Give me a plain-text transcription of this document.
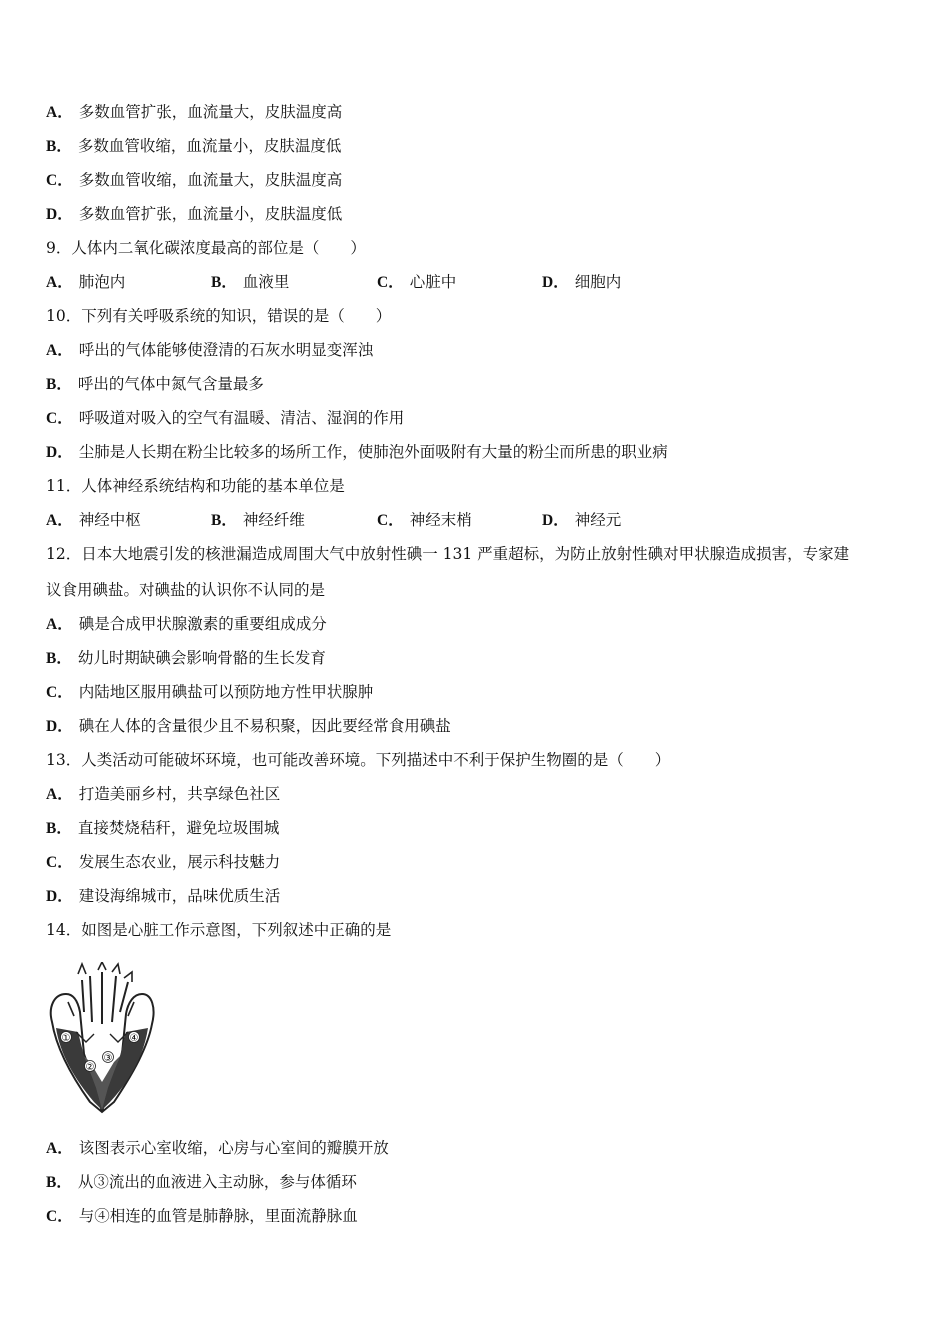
A． 多数血管扩张，血流量大，皮肤温度高
B． 多数血管收缩，血流量小，皮肤温度低
C． 多数血管收缩，血流量大，皮肤温度高
D． 多数血管扩张，血流量小，皮肤温度低
9．人体内二氧化碳浓度最高的部位是（　　）
A． 肺泡内	B． 血液里	C． 心脏中	D． 细胞内
10．下列有关呼吸系统的知识，错误的是（　　）
A． 呼出的气体能够使澄清的石灰水明显变浑浊
B． 呼出的气体中氮气含量最多
C． 呼吸道对吸入的空气有温暖、清洁、湿润的作用
D． 尘肺是人长期在粉尘比较多的场所工作，使肺泡外面吸附有大量的粉尘而所患的职业病
11．人体神经系统结构和功能的基本单位是
A． 神经中枢	B． 神经纤维	C． 神经末梢	D． 神经元
12．日本大地震引发的核泄漏造成周围大气中放射性碘一 131 严重超标，为防止放射性碘对甲状腺造成损害，专家建
议食用碘盐。对碘盐的认识你不认同的是
A． 碘是合成甲状腺激素的重要组成成分
B． 幼儿时期缺碘会影响骨骼的生长发育
C． 内陆地区服用碘盐可以预防地方性甲状腺肿
D． 碘在人体的含量很少且不易积聚，因此要经常食用碘盐
13．人类活动可能破坏环境，也可能改善环境。下列描述中不利于保护生物圈的是（　　）
A． 打造美丽乡村，共享绿色社区
B． 直接焚烧秸秆，避免垃圾围城
C． 发展生态农业，展示科技魅力
D． 建设海绵城市，品味优质生活
14．如图是心脏工作示意图，下列叙述中正确的是
①
②
③
④
A． 该图表示心室收缩，心房与心室间的瓣膜开放
B． 从③流出的血液进入主动脉，参与体循环
C． 与④相连的血管是肺静脉，里面流静脉血
